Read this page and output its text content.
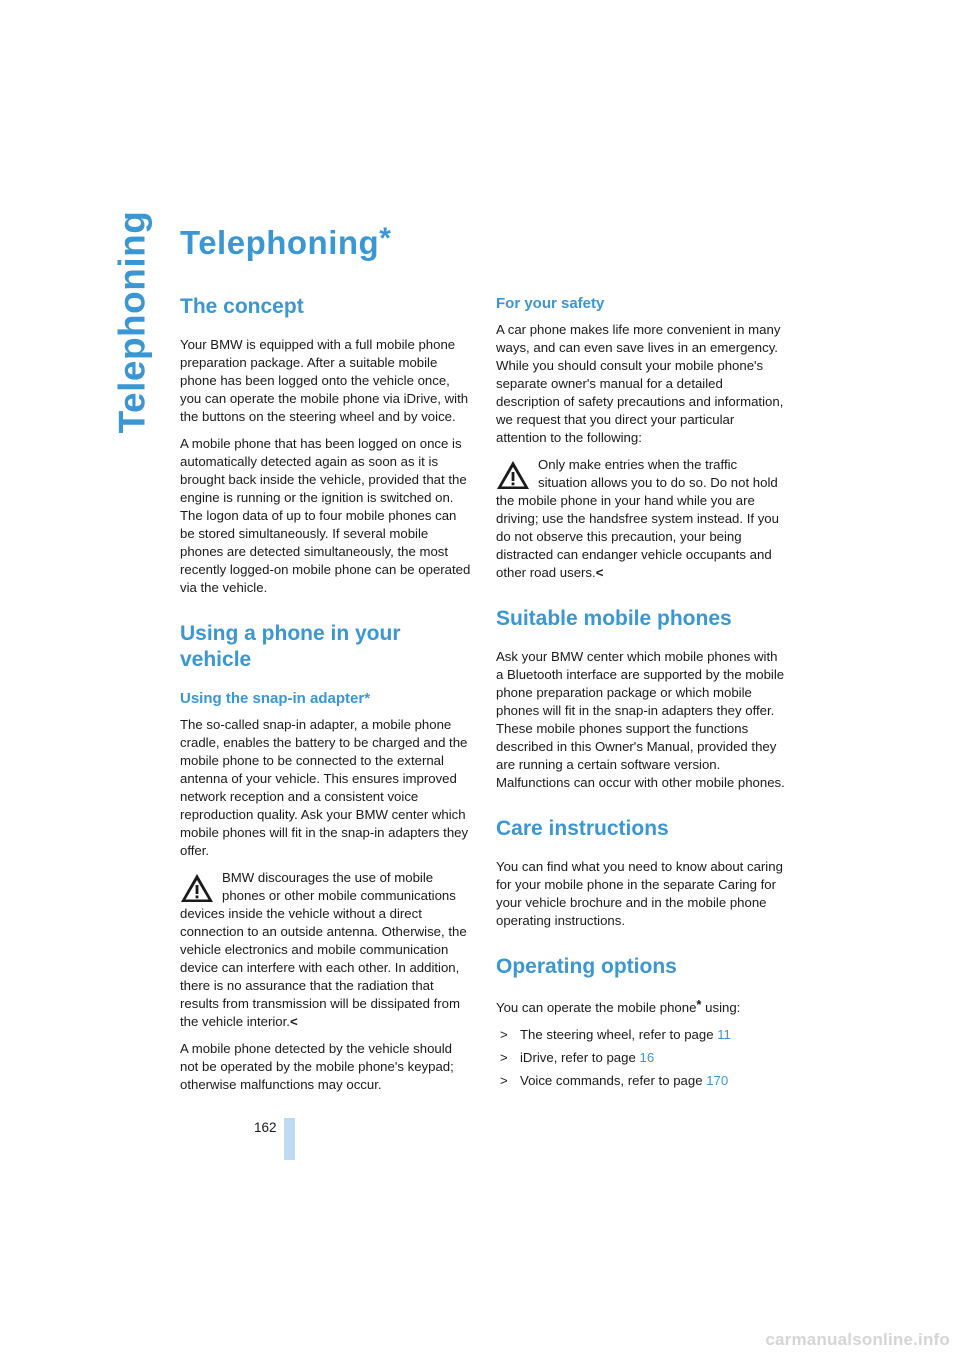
Telephoning Telephoning*
The concept

Your BMW is equipped with a full mobile phone preparation package. After a suitable mobile phone has been logged onto the vehicle once, you can operate the mobile phone via iDrive, with the buttons on the steering wheel and by voice.

A mobile phone that has been logged on once is automatically detected again as soon as it is brought back inside the vehicle, provided that the engine is running or the ignition is switched on. The logon data of up to four mobile phones can be stored simultaneously. If several mobile phones are detected simultaneously, the most recently logged-on mobile phone can be operated via the vehicle.

Using a phone in your vehicle
Using the snap-in adapter*

The so-called snap-in adapter, a mobile phone cradle, enables the battery to be charged and the mobile phone to be connected to the external antenna of your vehicle. This ensures improved network reception and a consistent voice reproduction quality. Ask your BMW center which mobile phones will fit in the snap-in adapters they offer.

BMW discourages the use of mobile phones or other mobile communications devices inside the vehicle without a direct connection to an outside antenna. Otherwise, the vehicle electronics and mobile communication device can interfere with each other. In addition, there is no assurance that the radiation that results from transmission will be dissipated from the vehicle interior.<

A mobile phone detected by the vehicle should not be operated by the mobile phone's keypad; otherwise malfunctions may occur.

For your safety

A car phone makes life more convenient in many ways, and can even save lives in an emergency. While you should consult your mobile phone's separate owner's manual for a detailed description of safety precautions and information, we request that you direct your particular attention to the following:

Only make entries when the traffic situation allows you to do so. Do not hold the mobile phone in your hand while you are driving; use the handsfree system instead. If you do not observe this precaution, your being distracted can endanger vehicle occupants and other road users.<

Suitable mobile phones

Ask your BMW center which mobile phones with a Bluetooth interface are supported by the mobile phone preparation package or which mobile phones will fit in the snap-in adapters they offer. These mobile phones support the functions described in this Owner's Manual, provided they are running a certain software version. Malfunctions can occur with other mobile phones.

Care instructions

You can find what you need to know about caring for your mobile phone in the separate Caring for your vehicle brochure and in the mobile phone operating instructions.

Operating options

You can operate the mobile phone* using:

> The steering wheel, refer to page 11
> iDrive, refer to page 16
> Voice commands, refer to page 170
162
carmanualsonline.info
